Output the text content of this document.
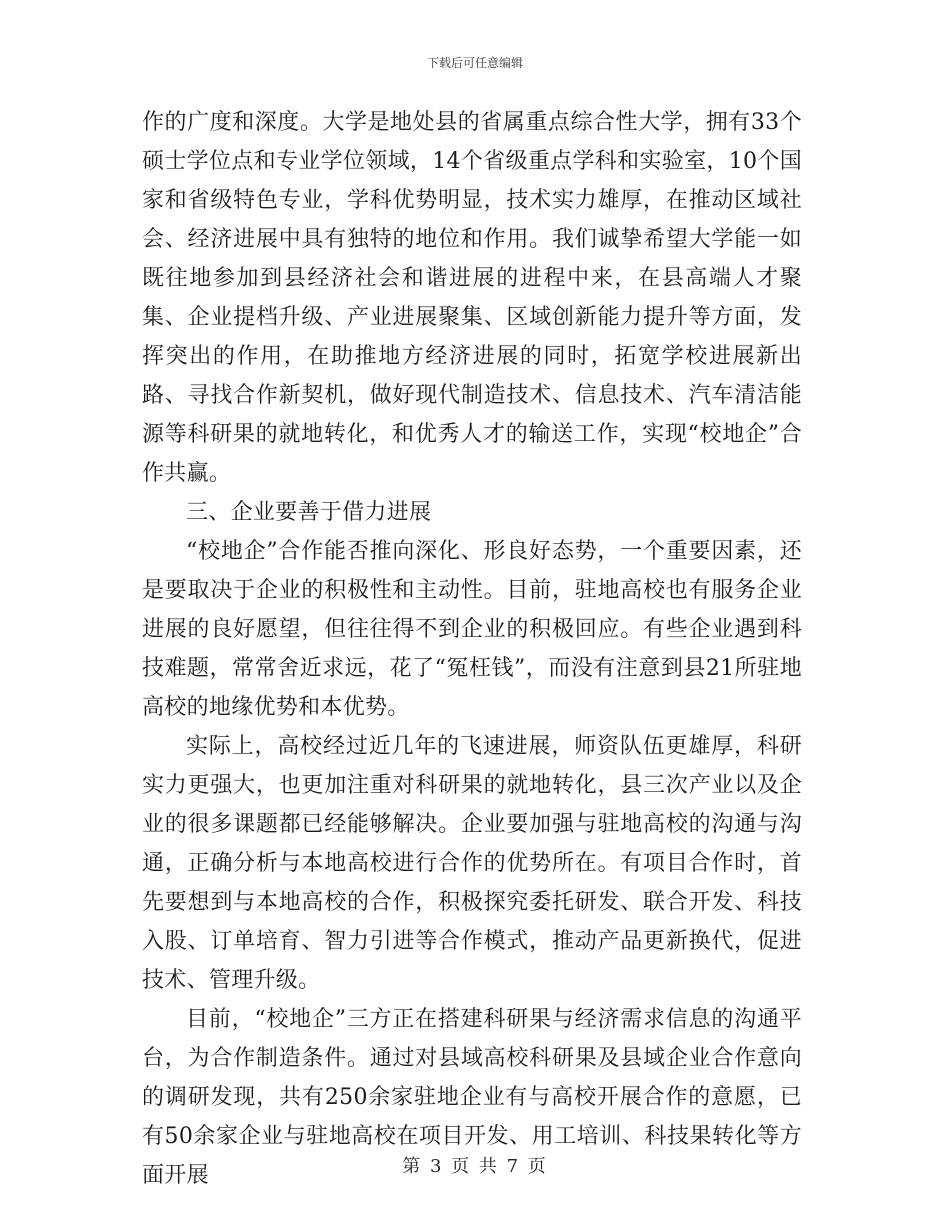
下载后可任意编辑

作的广度和深度。大学是地处县的省属重点综合性大学，拥有33个硕士学位点和专业学位领域，14个省级重点学科和实验室，10个国家和省级特色专业，学科优势明显，技术实力雄厚，在推动区域社会、经济进展中具有独特的地位和作用。我们诚挚希望大学能一如既往地参加到县经济社会和谐进展的进程中来，在县高端人才聚集、企业提档升级、产业进展聚集、区域创新能力提升等方面，发挥突出的作用，在助推地方经济进展的同时，拓宽学校进展新出路、寻找合作新契机，做好现代制造技术、信息技术、汽车清洁能源等科研果的就地转化，和优秀人才的输送工作，实现“校地企”合作共赢。

三、企业要善于借力进展

“校地企”合作能否推向深化、形良好态势，一个重要因素，还是要取决于企业的积极性和主动性。目前，驻地高校也有服务企业进展的良好愿望，但往往得不到企业的积极回应。有些企业遇到科技难题，常常舍近求远，花了“冤枉钱”，而没有注意到县21所驻地高校的地缘优势和本优势。

实际上，高校经过近几年的飞速进展，师资队伍更雄厚，科研实力更强大，也更加注重对科研果的就地转化，县三次产业以及企业的很多课题都已经能够解决。企业要加强与驻地高校的沟通与沟通，正确分析与本地高校进行合作的优势所在。有项目合作时，首先要想到与本地高校的合作，积极探究委托研发、联合开发、科技入股、订单培育、智力引进等合作模式，推动产品更新换代，促进技术、管理升级。

目前，“校地企”三方正在搭建科研果与经济需求信息的沟通平台，为合作制造条件。通过对县域高校科研果及县域企业合作意向的调研发现，共有250余家驻地企业有与高校开展合作的意愿，已有50余家企业与驻地高校在项目开发、用工培训、科技果转化等方面开展	第 3 页 共 7 页
